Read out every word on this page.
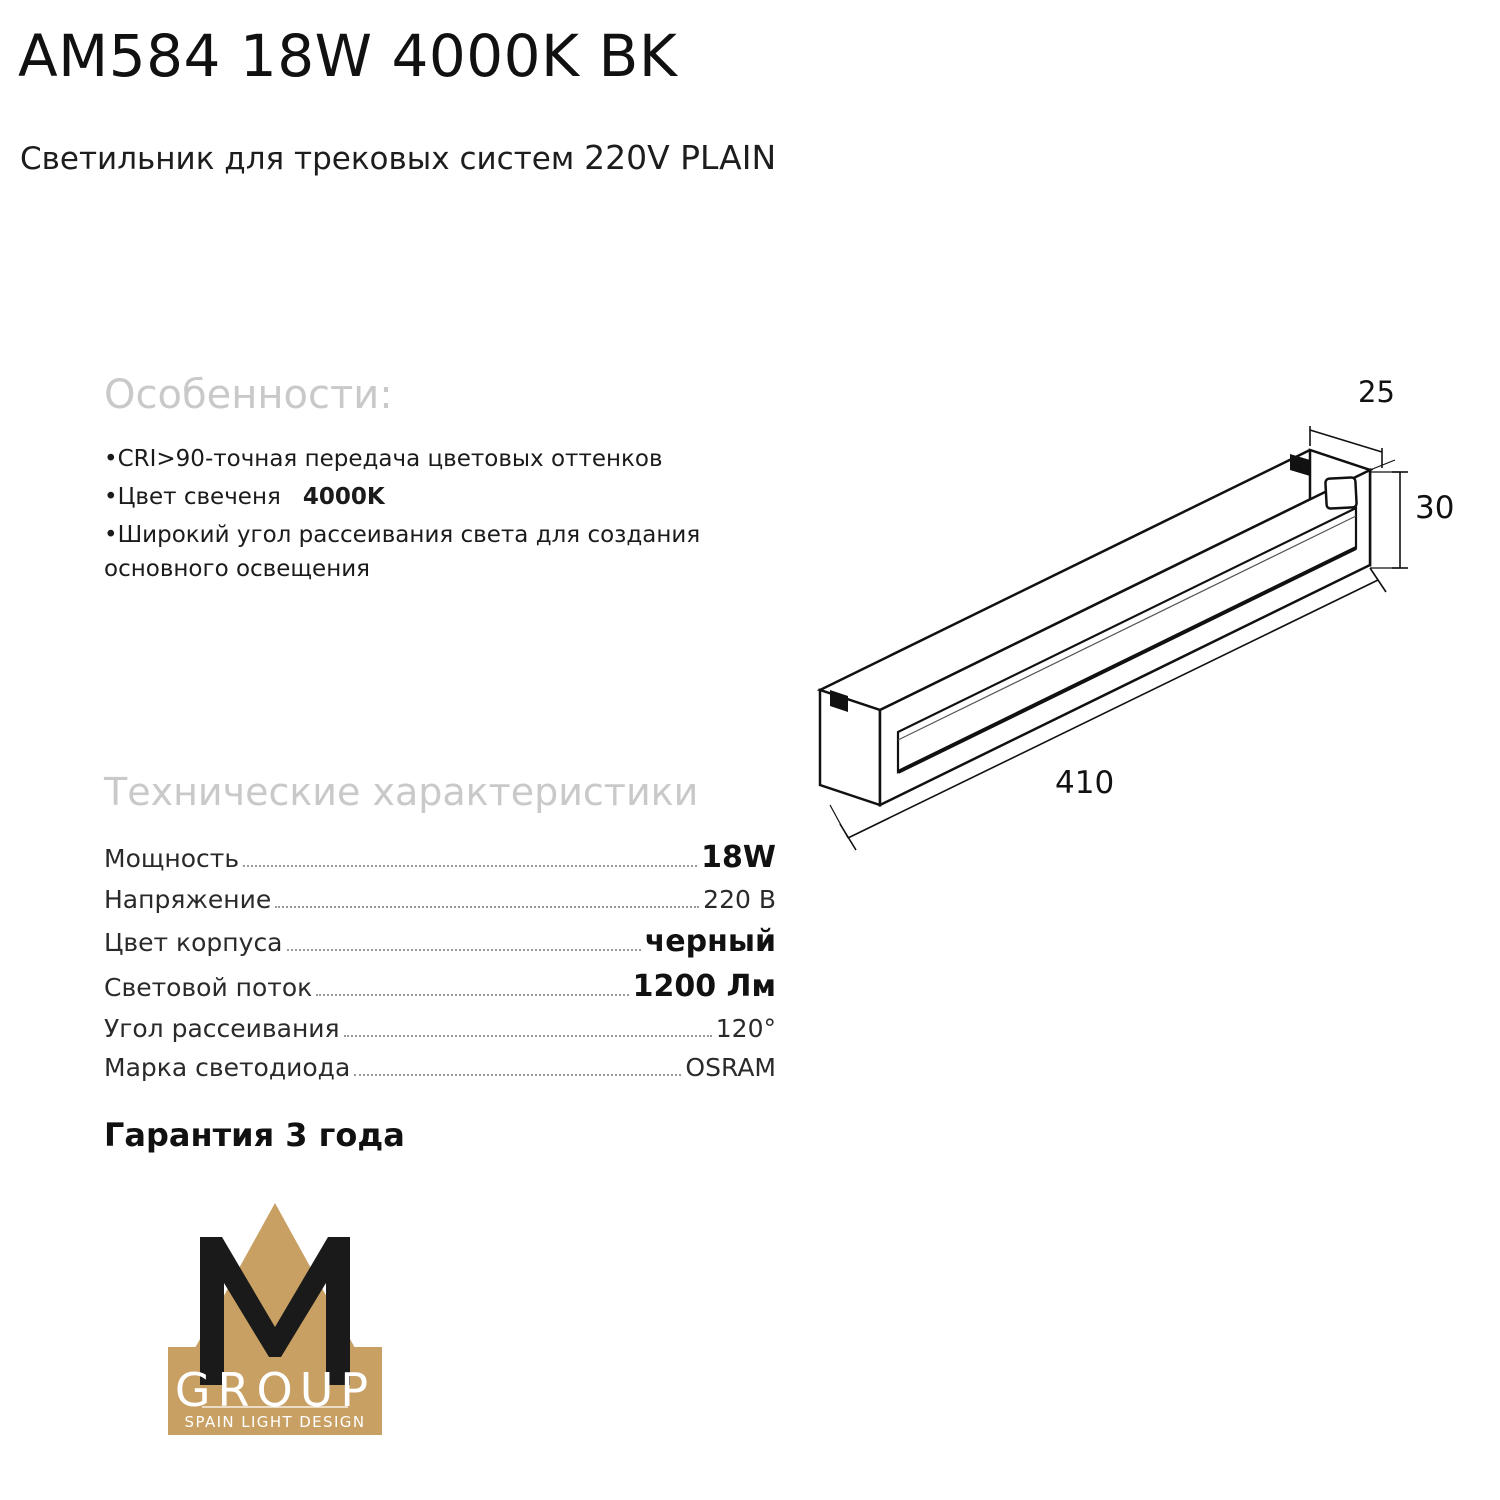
AM584 18W 4000K BK
Светильник для трековых систем 220V PLAIN
Особенности:
•CRI>90-точная передача цветовых оттенков
•Цвет свеченя 4000K
•Широкий угол рассеивания света для создания основного освещения
Технические характеристики
Мощность	18W
Напряжение	220 В
Цвет корпуса	черный
Световой поток	1200 Лм
Угол рассеивания	120°
Марка светодиода	OSRAM
Гарантия 3 года
25
30
410
GROUP
SPAIN LIGHT DESIGN
